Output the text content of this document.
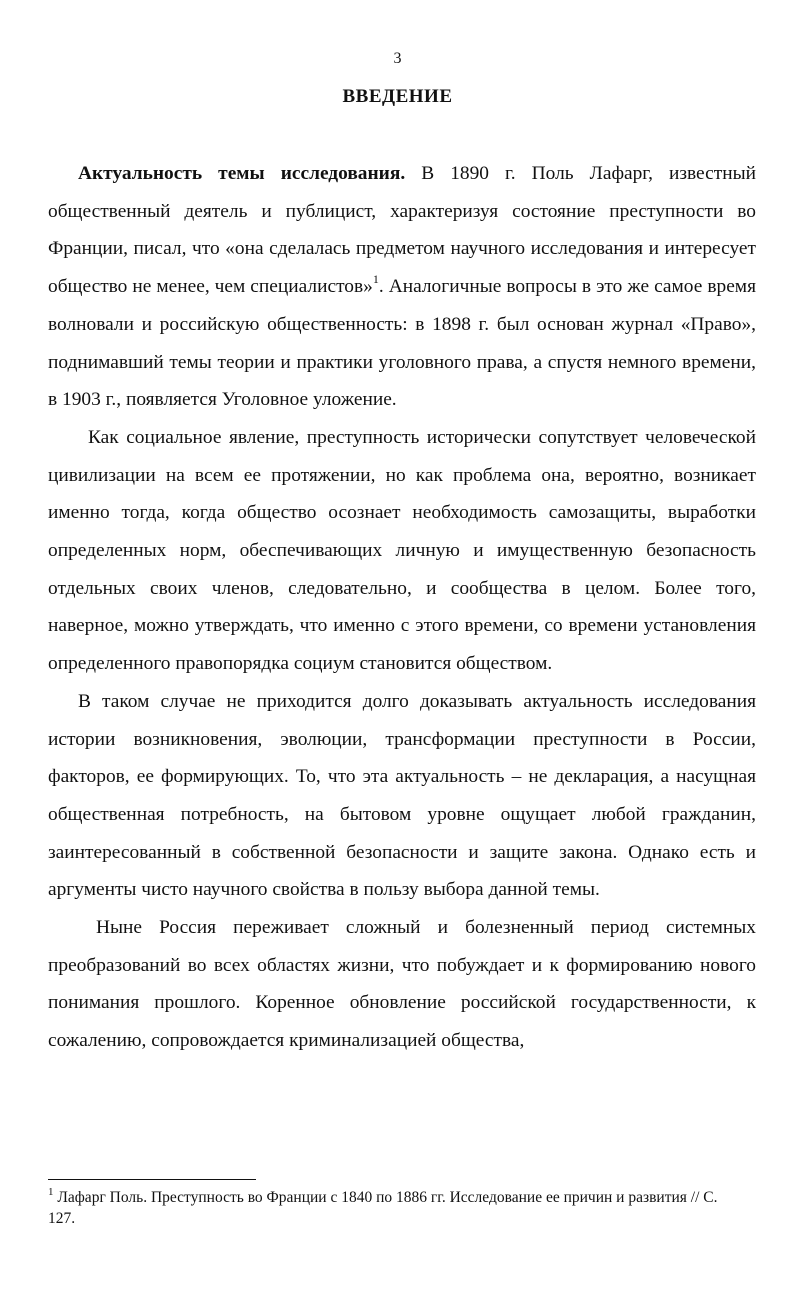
3
ВВЕДЕНИЕ

Актуальность темы исследования. В 1890 г. Поль Лафарг, известный общественный деятель и публицист, характеризуя состояние преступности во Франции, писал, что «она сделалась предметом научного исследования и интересует общество не менее, чем специалистов»$^1$. Аналогичные вопросы в это же самое время волновали и российскую общественность: в 1898 г. был основан журнал «Право», поднимавший темы теории и практики уголовного права, а спустя немного времени, в 1903 г., появляется Уголовное уложение.

Как социальное явление, преступность исторически сопутствует человеческой цивилизации на всем ее протяжении, но как проблема она, вероятно, возникает именно тогда, когда общество осознает необходимость самозащиты, выработки определенных норм, обеспечивающих личную и имущественную безопасность отдельных своих членов, следовательно, и сообщества в целом. Более того, наверное, можно утверждать, что именно с этого времени, со времени установления определенного правопорядка социум становится обществом.

В таком случае не приходится долго доказывать актуальность исследования истории возникновения, эволюции, трансформации преступности в России, факторов, ее формирующих. То, что эта актуальность – не декларация, а насущная общественная потребность, на бытовом уровне ощущает любой гражданин, заинтересованный в собственной безопасности и защите закона. Однако есть и аргументы чисто научного свойства в пользу выбора данной темы.

Ныне Россия переживает сложный и болезненный период системных преобразований во всех областях жизни, что побуждает и к формированию нового понимания прошлого. Коренное обновление российской государственности, к сожалению, сопровождается криминализацией общества,

$^1$ Лафарг Поль. Преступность во Франции с 1840 по 1886 гг. Исследование ее причин и развития // С. 127.
